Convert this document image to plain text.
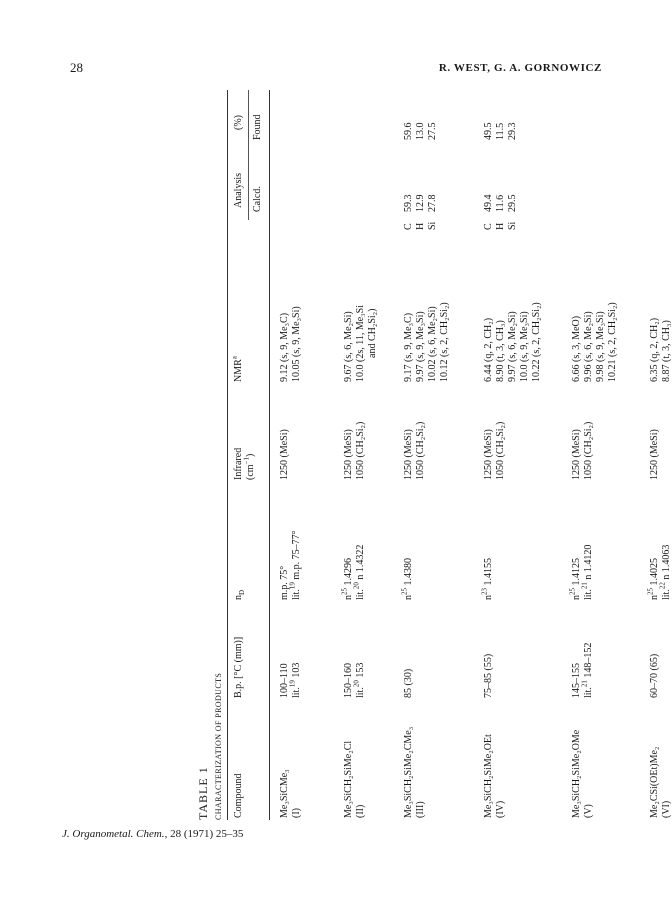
28	R. WEST, G. A. GORNOWICZ
TABLE 1 CHARACTERIZATION OF PRODUCTS Compound
B.p. [°C (mm)]
$n_D$
Infrared $(cm^{-1})$
NMR$^a$
Analysis
(%)
Calcd.
Found
Me₃SiCMe₃ (I)
100–110 lit.$^{19}$ 103
m.p. 75° lit.$^{19}$ m.p. 75–77°
1250 (MeSi)
9.12 (s, 9, Me₃C) 10.05 (s, 9, Me₃Si)
Me₃SiCH₂SiMe₂Cl (II)
150–160 lit.$^{20}$ 153
$n^{25}$ 1.4296
lit.$^{20}$ n 1.4322
1250 (MeSi) 1050 (CH₂Si₂)
9.67 (s, 6, Me₂Si) 10.0 (2s, 11, Me₃Si and CH₂Si₂)
Me₃SiCH₂SiMe₂CMe₃ (III)
85 (30)
$n^{25}$ 1.4380
1250 (MeSi) 1050 (CH₂Si₂)
9.17 (s, 9, Me₃C) 9.97 (s, 9, Me₃Si) 10.02 (s, 6, Me₂Si) 10.12 (s, 2, CH₂Si₂)
C H Si
59.3 12.9 27.8
59.6 13.0 27.5
Me₃SiCH₂SiMe₂OEt (IV)
75–85 (55)
$n^{23}$ 1.4155
1250 (MeSi) 1050 (CH₂Si₂)
6.44 (q, 2, CH₂) 8.90 (t, 3, CH₃) 9.97 (s, 6, Me₂Si) 10.0 (s, 9, Me₃Si) 10.22 (s, 2, CH₂Si₂)
C H Si
49.4 11.6 29.5
49.5 11.5 29.3
Me₃SiCH₂SiMe₂OMe (V)
145–155 lit.$^{21}$ 148–152
$n^{25}$ 1.4125
lit.$^{21}$ n 1.4120
1250 (MeSi) 1050 (CH₂Si₂)
6.66 (s, 3, MeO) 9.96 (s, 6, Me₂Si) 9.98 (s, 9, Me₃Si) 10.21 (s, 2, CH₂Si₂)
Me₂CSi(OEt)Me₂ (VI)
60–70 (65)
$n^{25}$ 1.4025
lit.$^{22}$ n 1.4063
1250 (MeSi)
6.35 (q, 2, CH₂) 8.87 (t, 3, CH₃)
J. Organometal. Chem., 28 (1971) 25–35
